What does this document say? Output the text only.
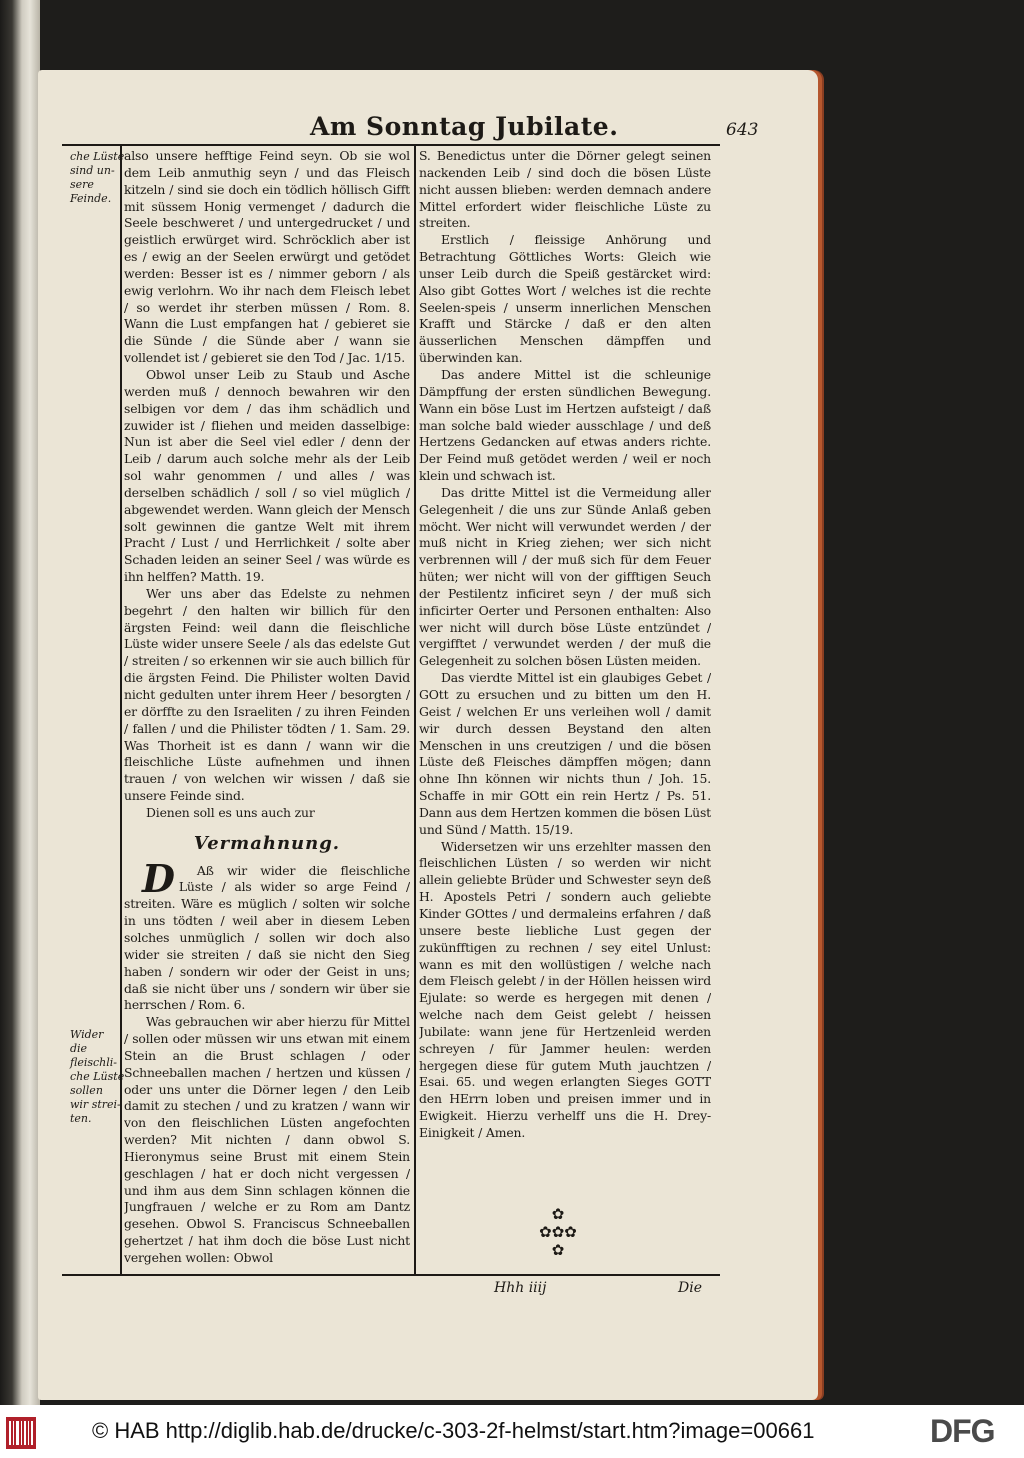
Am Sonntag Jubilate.	643
che Lüste
sind un-
sere
Feinde.
Wider
die
fleischli-
che Lüste
sollen
wir strei-
ten.

also unsere hefftige Feind seyn. Ob sie wol dem Leib anmuthig seyn / und das Fleisch kitzeln / sind sie doch ein tödlich höllisch Gifft mit süssem Honig vermenget / dadurch die Seele beschweret / und untergedrucket / und geistlich erwürget wird. Schröcklich aber ist es / ewig an der Seelen erwürgt und getödet werden: Besser ist es / nimmer geborn / als ewig verlohrn. Wo ihr nach dem Fleisch lebet / so werdet ihr sterben müssen / Rom. 8. Wann die Lust empfangen hat / gebieret sie die Sünde / die Sünde aber / wann sie vollendet ist / gebieret sie den Tod / Jac. 1/15.

Obwol unser Leib zu Staub und Asche werden muß / dennoch bewahren wir den selbigen vor dem / das ihm schädlich und zuwider ist / fliehen und meiden dasselbige: Nun ist aber die Seel viel edler / denn der Leib / darum auch solche mehr als der Leib sol wahr genommen / und alles / was derselben schädlich / soll / so viel müglich / abgewendet werden. Wann gleich der Mensch solt gewinnen die gantze Welt mit ihrem Pracht / Lust / und Herrlichkeit / solte aber Schaden leiden an seiner Seel / was würde es ihn helffen? Matth. 19.

Wer uns aber das Edelste zu nehmen begehrt / den halten wir billich für den ärgsten Feind: weil dann die fleischliche Lüste wider unsere Seele / als das edelste Gut / streiten / so erkennen wir sie auch billich für die ärgsten Feind. Die Philister wolten David nicht gedulten unter ihrem Heer / besorgten / er dörffte zu den Israeliten / zu ihren Feinden / fallen / und die Philister tödten / 1. Sam. 29. Was Thorheit ist es dann / wann wir die fleischliche Lüste aufnehmen und ihnen trauen / von welchen wir wissen / daß sie unsere Feinde sind.

Dienen soll es uns auch zur

Vermahnung.

D Aß wir wider die fleischliche Lüste / als wider so arge Feind / streiten. Wäre es müglich / solten wir solche in uns tödten / weil aber in diesem Leben solches unmüglich / sollen wir doch also wider sie streiten / daß sie nicht den Sieg haben / sondern wir oder der Geist in uns; daß sie nicht über uns / sondern wir über sie herrschen / Rom. 6.

Was gebrauchen wir aber hierzu für Mittel / sollen oder müssen wir uns etwan mit einem Stein an die Brust schlagen / oder Schneeballen machen / hertzen und küssen / oder uns unter die Dörner legen / den Leib damit zu stechen / und zu kratzen / wann wir von den fleischlichen Lüsten angefochten werden? Mit nichten / dann obwol S. Hieronymus seine Brust mit einem Stein geschlagen / hat er doch nicht vergessen / und ihm aus dem Sinn schlagen können die Jungfrauen / welche er zu Rom am Dantz gesehen. Obwol S. Franciscus Schneeballen gehertzet / hat ihm doch die böse Lust nicht vergehen wollen: Obwol

S. Benedictus unter die Dörner gelegt seinen nackenden Leib / sind doch die bösen Lüste nicht aussen blieben: werden demnach andere Mittel erfordert wider fleischliche Lüste zu streiten.

Erstlich / fleissige Anhörung und Betrachtung Göttliches Worts: Gleich wie unser Leib durch die Speiß gestärcket wird: Also gibt Gottes Wort / welches ist die rechte Seelen-speis / unserm innerlichen Menschen Krafft und Stärcke / daß er den alten äusserlichen Menschen dämpffen und überwinden kan.

Das andere Mittel ist die schleunige Dämpffung der ersten sündlichen Bewegung. Wann ein böse Lust im Hertzen aufsteigt / daß man solche bald wieder ausschlage / und deß Hertzens Gedancken auf etwas anders richte. Der Feind muß getödet werden / weil er noch klein und schwach ist.

Das dritte Mittel ist die Vermeidung aller Gelegenheit / die uns zur Sünde Anlaß geben möcht. Wer nicht will verwundet werden / der muß nicht in Krieg ziehen; wer sich nicht verbrennen will / der muß sich für dem Feuer hüten; wer nicht will von der gifftigen Seuch der Pestilentz inficiret seyn / der muß sich inficirter Oerter und Personen enthalten: Also wer nicht will durch böse Lüste entzündet / vergifftet / verwundet werden / der muß die Gelegenheit zu solchen bösen Lüsten meiden.

Das vierdte Mittel ist ein glaubiges Gebet / GOtt zu ersuchen und zu bitten um den H. Geist / welchen Er uns verleihen woll / damit wir durch dessen Beystand den alten Menschen in uns creutzigen / und die bösen Lüste deß Fleisches dämpffen mögen; dann ohne Ihn können wir nichts thun / Joh. 15. Schaffe in mir GOtt ein rein Hertz / Ps. 51. Dann aus dem Hertzen kommen die bösen Lüst und Sünd / Matth. 15/19.

Widersetzen wir uns erzehlter massen den fleischlichen Lüsten / so werden wir nicht allein geliebte Brüder und Schwester seyn deß H. Apostels Petri / sondern auch geliebte Kinder GOttes / und dermaleins erfahren / daß unsere beste liebliche Lust gegen der zukünfftigen zu rechnen / sey eitel Unlust: wann es mit den wollüstigen / welche nach dem Fleisch gelebt / in der Höllen heissen wird Ejulate: so werde es hergegen mit denen / welche nach dem Geist gelebt / heissen Jubilate: wann jene für Hertzenleid werden schreyen / für Jammer heulen: werden hergegen diese für gutem Muth jauchtzen / Esai. 65. und wegen erlangten Sieges GOTT den HErrn loben und preisen immer und in Ewigkeit. Hierzu verhelff uns die H. Drey-Einigkeit / Amen.

✿
✿✿✿
✿
Hhh iiij	Die
© HAB http://diglib.hab.de/drucke/c-303-2f-helmst/start.htm?image=00661	DFG
